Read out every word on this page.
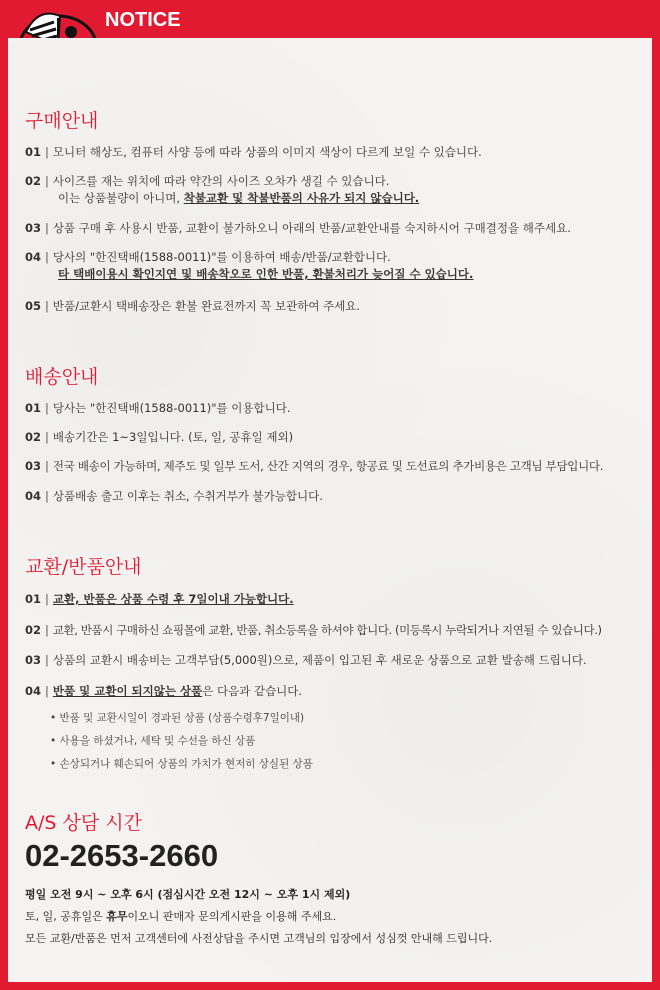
NOTICE
구매안내
01 | 모니터 해상도, 컴퓨터 사양 등에 따라 상품의 이미지 색상이 다르게 보일 수 있습니다.
02 | 사이즈를 재는 위치에 따라 약간의 사이즈 오차가 생길 수 있습니다.
이는 상품불량이 아니며, 착불교환 및 착불반품의 사유가 되지 않습니다.
03 | 상품 구매 후 사용시 반품, 교환이 불가하오니 아래의 반품/교환안내를 숙지하시어 구매결정을 해주세요.
04 | 당사의 "한진택배(1588-0011)"를 이용하여 배송/반품/교환합니다.
타 택배이용시 확인지연 및 배송착오로 인한 반품, 환불처리가 늦어질 수 있습니다.
05 | 반품/교환시 택배송장은 환불 완료전까지 꼭 보관하여 주세요.
배송안내
01 | 당사는 "한진택배(1588-0011)"를 이용합니다.
02 | 배송기간은 1~3일입니다. (토, 일, 공휴일 제외)
03 | 전국 배송이 가능하며, 제주도 및 일부 도서, 산간 지역의 경우, 항공료 및 도선료의 추가비용은 고객님 부담입니다.
04 | 상품배송 출고 이후는 취소, 수취거부가 불가능합니다.
교환/반품안내
01 | 교환, 반품은 상품 수령 후 7일이내 가능합니다.
02 | 교환, 반품시 구매하신 쇼핑몰에 교환, 반품, 취소등록을 하셔야 합니다. (미등록시 누락되거나 지연될 수 있습니다.)
03 | 상품의 교환시 배송비는 고객부담(5,000원)으로, 제품이 입고된 후 새로운 상품으로 교환 발송해 드립니다.
04 | 반품 및 교환이 되지않는 상품은 다음과 같습니다.
• 반품 및 교환시일이 경과된 상품 (상품수령후7일이내)
• 사용을 하셨거나, 세탁 및 수선을 하신 상품
• 손상되거나 훼손되어 상품의 가치가 현저히 상실된 상품
A/S 상담 시간
02-2653-2660
평일 오전 9시 ~ 오후 6시 (점심시간 오전 12시 ~ 오후 1시 제외)
토, 일, 공휴일은 휴무이오니 판매자 문의게시판을 이용해 주세요.
모든 교환/반품은 먼저 고객센터에 사전상담을 주시면 고객님의 입장에서 성심껏 안내해 드립니다.
